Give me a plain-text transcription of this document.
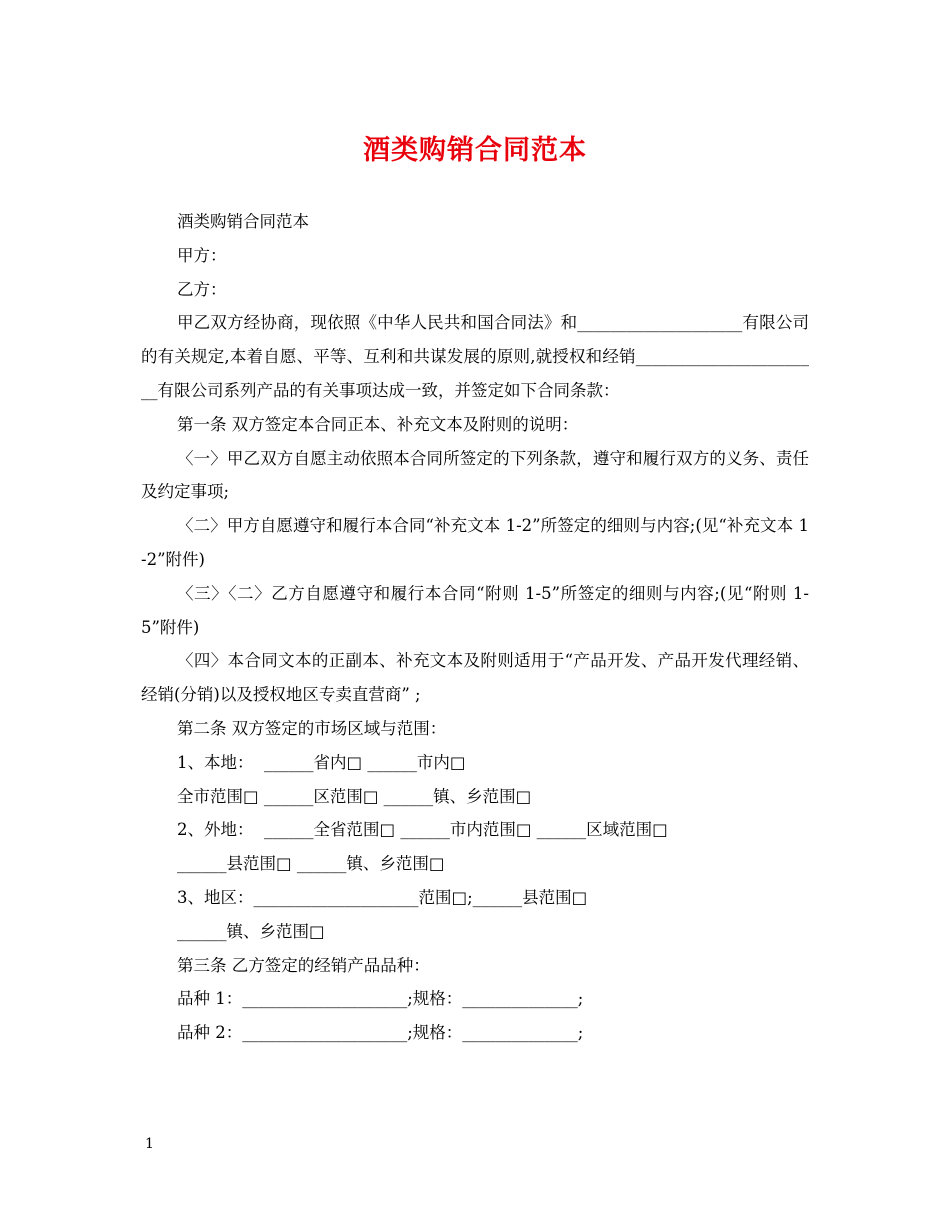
酒类购销合同范本

酒类购销合同范本

甲方：

乙方：

甲乙双方经协商，现依照《中华人民共和国合同法》和____________________有限公司的有关规定,本着自愿、平等、互利和共谋发展的原则,就授权和经销_______________________有限公司系列产品的有关事项达成一致，并签定如下合同条款：

第一条 双方签定本合同正本、补充文本及附则的说明：

〈一〉甲乙双方自愿主动依照本合同所签定的下列条款，遵守和履行双方的义务、责任及约定事项;

〈二〉甲方自愿遵守和履行本合同“补充文本 1-2”所签定的细则与内容;(见“补充文本 1-2”附件)

〈三〉〈二〉乙方自愿遵守和履行本合同“附则 1-5”所签定的细则与内容;(见“附则 1-5”附件)

〈四〉本合同文本的正副本、补充文本及附则适用于“产品开发、产品开发代理经销、经销(分销)以及授权地区专卖直营商” ;

第二条 双方签定的市场区域与范围：

1、本地：  ______省内□ ______市内□

全市范围□ ______区范围□ ______镇、乡范围□

2、外地：  ______全省范围□ ______市内范围□ ______区域范围□

______县范围□ ______镇、乡范围□

3、地区：____________________范围□;______县范围□

______镇、乡范围□

第三条 乙方签定的经销产品品种：

品种 1：____________________;规格：______________;

品种 2：____________________;规格：______________;

1
